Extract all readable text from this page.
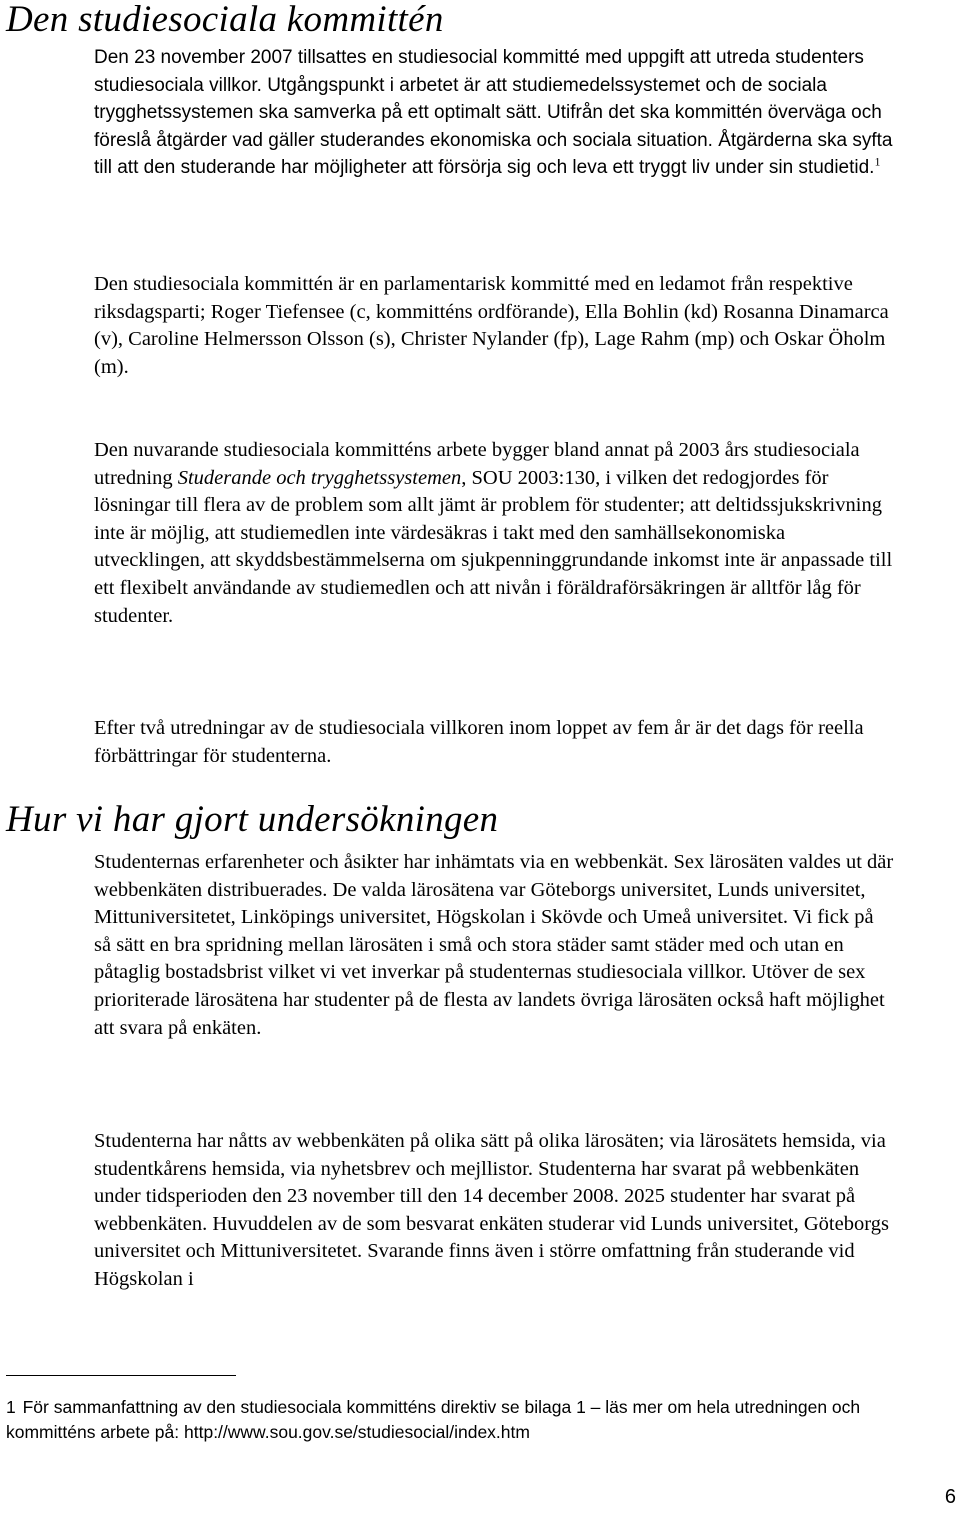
Den studiesociala kommittén

Den 23 november 2007 tillsattes en studiesocial kommitté med uppgift att utreda studenters studiesociala villkor. Utgångspunkt i arbetet är att studiemedelssystemet och de sociala trygghetssystemen ska samverka på ett optimalt sätt. Utifrån det ska kommittén överväga och föreslå åtgärder vad gäller studerandes ekonomiska och sociala situation. Åtgärderna ska syfta till att den studerande har möjligheter att försörja sig och leva ett tryggt liv under sin studietid.$^1$

Den studiesociala kommittén är en parlamentarisk kommitté med en ledamot från respektive riksdagsparti; Roger Tiefensee (c, kommitténs ordförande), Ella Bohlin (kd) Rosanna Dinamarca (v), Caroline Helmersson Olsson (s), Christer Nylander (fp), Lage Rahm (mp) och Oskar Öholm (m).

Den nuvarande studiesociala kommitténs arbete bygger bland annat på 2003 års studiesociala utredning Studerande och trygghetssystemen, SOU 2003:130, i vilken det redogjordes för lösningar till flera av de problem som allt jämt är problem för studenter; att deltidssjukskrivning inte är möjlig, att studiemedlen inte värdesäkras i takt med den samhällsekonomiska utvecklingen, att skyddsbestämmelserna om sjukpenninggrundande inkomst inte är anpassade till ett flexibelt användande av studiemedlen och att nivån i föräldraförsäkringen är alltför låg för studenter.

Efter två utredningar av de studiesociala villkoren inom loppet av fem år är det dags för reella förbättringar för studenterna.

Hur vi har gjort undersökningen

Studenternas erfarenheter och åsikter har inhämtats via en webbenkät. Sex lärosäten valdes ut där webbenkäten distribuerades. De valda lärosätena var Göteborgs universitet, Lunds universitet, Mittuniversitetet, Linköpings universitet, Högskolan i Skövde och Umeå universitet. Vi fick på så sätt en bra spridning mellan lärosäten i små och stora städer samt städer med och utan en påtaglig bostadsbrist vilket vi vet inverkar på studenternas studiesociala villkor. Utöver de sex prioriterade lärosätena har studenter på de flesta av landets övriga lärosäten också haft möjlighet att svara på enkäten.

Studenterna har nåtts av webbenkäten på olika sätt på olika lärosäten; via lärosätets hemsida, via studentkårens hemsida, via nyhetsbrev och mejllistor. Studenterna har svarat på webbenkäten under tidsperioden den 23 november till den 14 december 2008. 2025 studenter har svarat på webbenkäten. Huvuddelen av de som besvarat enkäten studerar vid Lunds universitet, Göteborgs universitet och Mittuniversitetet. Svarande finns även i större omfattning från studerande vid Högskolan i

1 För sammanfattning av den studiesociala kommitténs direktiv se bilaga 1 – läs mer om hela utredningen och kommitténs arbete på: http://www.sou.gov.se/studiesocial/index.htm

6
